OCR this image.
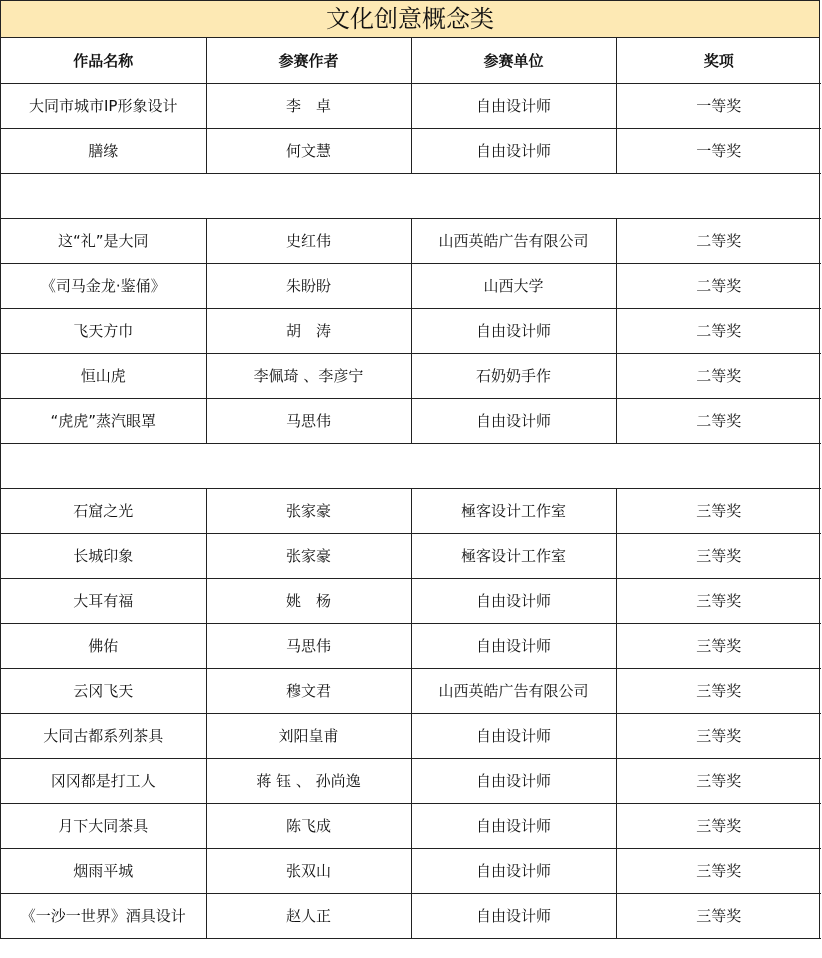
文化创意概念类
作品名称	参赛作者	参赛单位	奖项
大同市城市IP形象设计	李　卓	自由设计师	一等奖
膳缘	何文慧	自由设计师	一等奖

这“礼”是大同	史红伟	山西英皓广告有限公司	二等奖
《司马金龙·鉴俑》	朱盼盼	山西大学	二等奖
飞天方巾	胡　涛	自由设计师	二等奖
恒山虎	李佩琦 、李彦宁	石奶奶手作	二等奖
“虎虎”蒸汽眼罩	马思伟	自由设计师	二等奖

石窟之光	张家豪	極客设计工作室	三等奖
长城印象	张家豪	極客设计工作室	三等奖
大耳有福	姚　杨	自由设计师	三等奖
佛佑	马思伟	自由设计师	三等奖
云冈飞天	穆文君	山西英皓广告有限公司	三等奖
大同古都系列茶具	刘阳皇甫	自由设计师	三等奖
冈冈都是打工人	蒋 钰 、 孙尚逸	自由设计师	三等奖
月下大同茶具	陈飞成	自由设计师	三等奖
烟雨平城	张双山	自由设计师	三等奖
《一沙一世界》酒具设计	赵人正	自由设计师	三等奖
